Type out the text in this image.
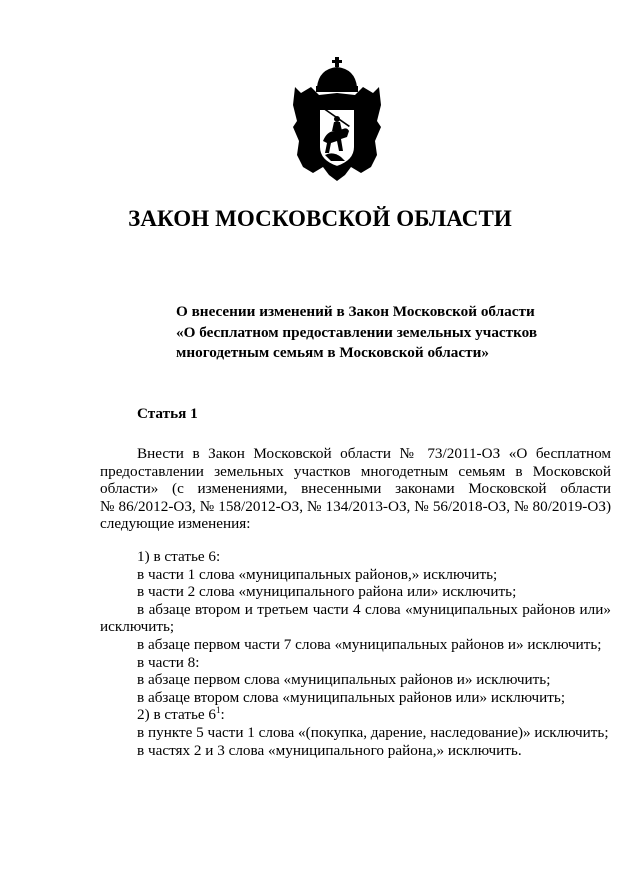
ЗАКОН МОСКОВСКОЙ ОБЛАСТИ
О внесении изменений в Закон Московской области
«О бесплатном предоставлении земельных участков
многодетным семьям в Московской области»
Статья 1
Внести в Закон Московской области № 73/2011-ОЗ «О бесплатном
предоставлении земельных участков многодетным семьям в Московской
области» (с изменениями, внесенными законами Московской области
№ 86/2012-ОЗ, № 158/2012-ОЗ, № 134/2013-ОЗ, № 56/2018-ОЗ, № 80/2019-ОЗ)
следующие изменения:
1) в статье 6:
в части 1 слова «муниципальных районов,» исключить;
в части 2 слова «муниципального района или» исключить;
в абзаце втором и третьем части 4 слова «муниципальных районов или»
исключить;
в абзаце первом части 7 слова «муниципальных районов и» исключить;
в части 8:
в абзаце первом слова «муниципальных районов и» исключить;
в абзаце втором слова «муниципальных районов или» исключить;
2) в статье $6^1$:
в пункте 5 части 1 слова «(покупка, дарение, наследование)» исключить;
в частях 2 и 3 слова «муниципального района,» исключить.
